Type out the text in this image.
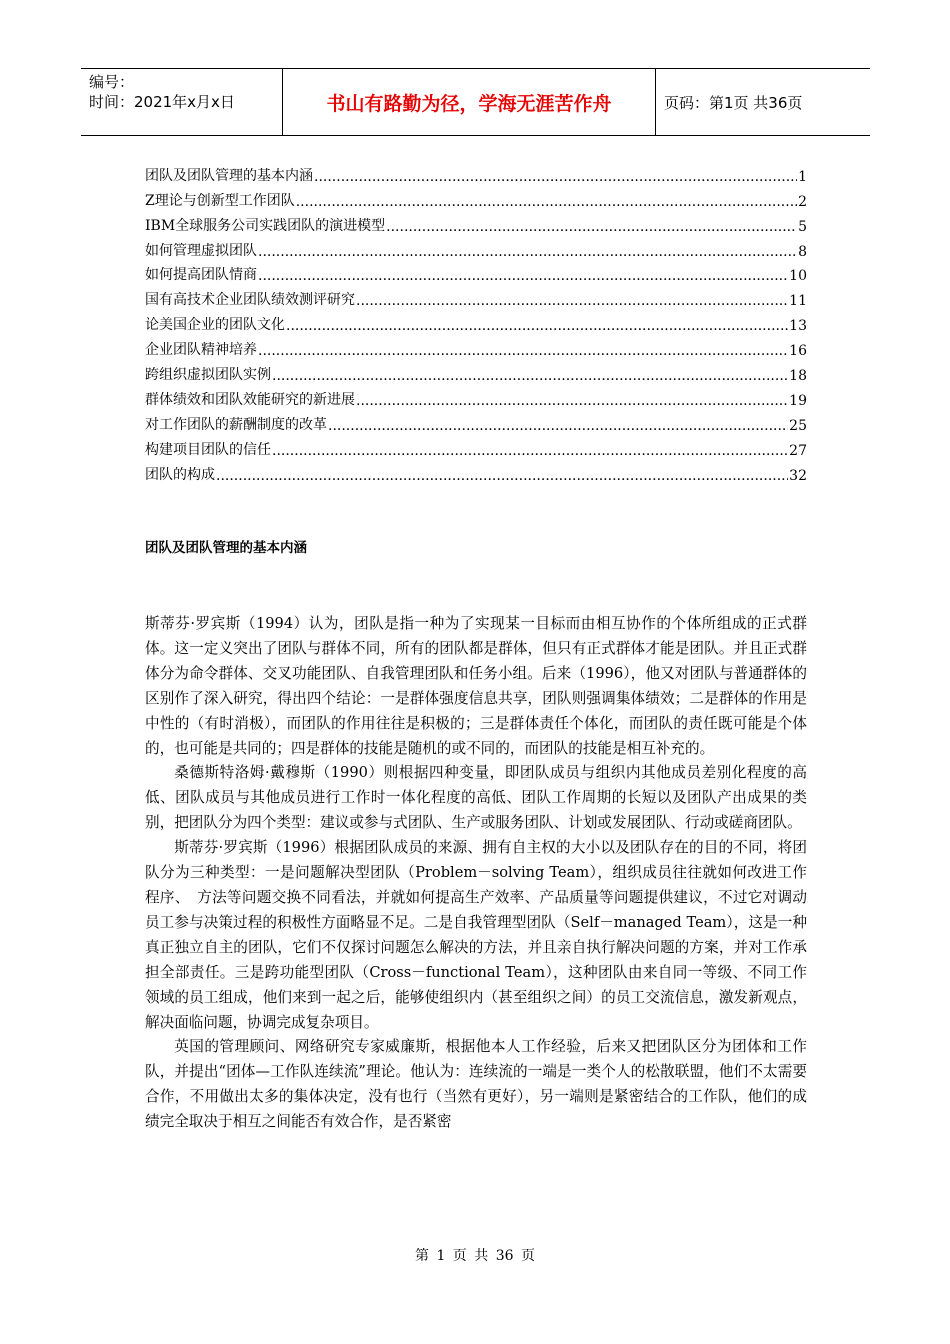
编号：
时间：2021年x月x日	书山有路勤为径，学海无涯苦作舟	页码：第1页 共36页
团队及团队管理的基本内涵 .....	1
Z理论与创新型工作团队 .....	2
IBM全球服务公司实践团队的演进模型 .....	5
如何管理虚拟团队 .....	8
如何提高团队情商 .....	10
国有高技术企业团队绩效测评研究 .....	11
论美国企业的团队文化 .....	13
企业团队精神培养 .....	16
跨组织虚拟团队实例 .....	18
群体绩效和团队效能研究的新进展 .....	19
对工作团队的薪酬制度的改革 .....	25
构建项目团队的信任 .....	27
团队的构成 .....	32
团队及团队管理的基本内涵

斯蒂芬·罗宾斯（1994）认为，团队是指一种为了实现某一目标而由相互协作的个体所组成的正式群体。这一定义突出了团队与群体不同，所有的团队都是群体，但只有正式群体才能是团队。并且正式群体分为命令群体、交叉功能团队、自我管理团队和任务小组。后来（1996），他又对团队与普通群体的区别作了深入研究，得出四个结论：一是群体强度信息共享，团队则强调集体绩效；二是群体的作用是中性的（有时消极），而团队的作用往往是积极的；三是群体责任个体化，而团队的责任既可能是个体的，也可能是共同的；四是群体的技能是随机的或不同的，而团队的技能是相互补充的。

桑德斯特洛姆·戴穆斯（1990）则根据四种变量，即团队成员与组织内其他成员差别化程度的高低、团队成员与其他成员进行工作时一体化程度的高低、团队工作周期的长短以及团队产出成果的类别，把团队分为四个类型：建议或参与式团队、生产或服务团队、计划或发展团队、行动或磋商团队。

斯蒂芬·罗宾斯（1996）根据团队成员的来源、拥有自主权的大小以及团队存在的目的不同，将团队分为三种类型：一是问题解决型团队（Problem－solving Team），组织成员往往就如何改进工作程序、　方法等问题交换不同看法，并就如何提高生产效率、产品质量等问题提供建议，不过它对调动员工参与决策过程的积极性方面略显不足。二是自我管理型团队（Self－managed Team），这是一种真正独立自主的团队，它们不仅探讨问题怎么解决的方法，并且亲自执行解决问题的方案，并对工作承担全部责任。三是跨功能型团队（Cross－functional Team），这种团队由来自同一等级、不同工作领域的员工组成，他们来到一起之后，能够使组织内（甚至组织之间）的员工交流信息，激发新观点，解决面临问题，协调完成复杂项目。

英国的管理顾问、网络研究专家威廉斯，根据他本人工作经验，后来又把团队区分为团体和工作队，并提出“团体—工作队连续流”理论。他认为：连续流的一端是一类个人的松散联盟，他们不太需要合作，不用做出太多的集体决定，没有也行（当然有更好），另一端则是紧密结合的工作队，他们的成绩完全取决于相互之间能否有效合作，是否紧密

第 1 页 共 36 页
